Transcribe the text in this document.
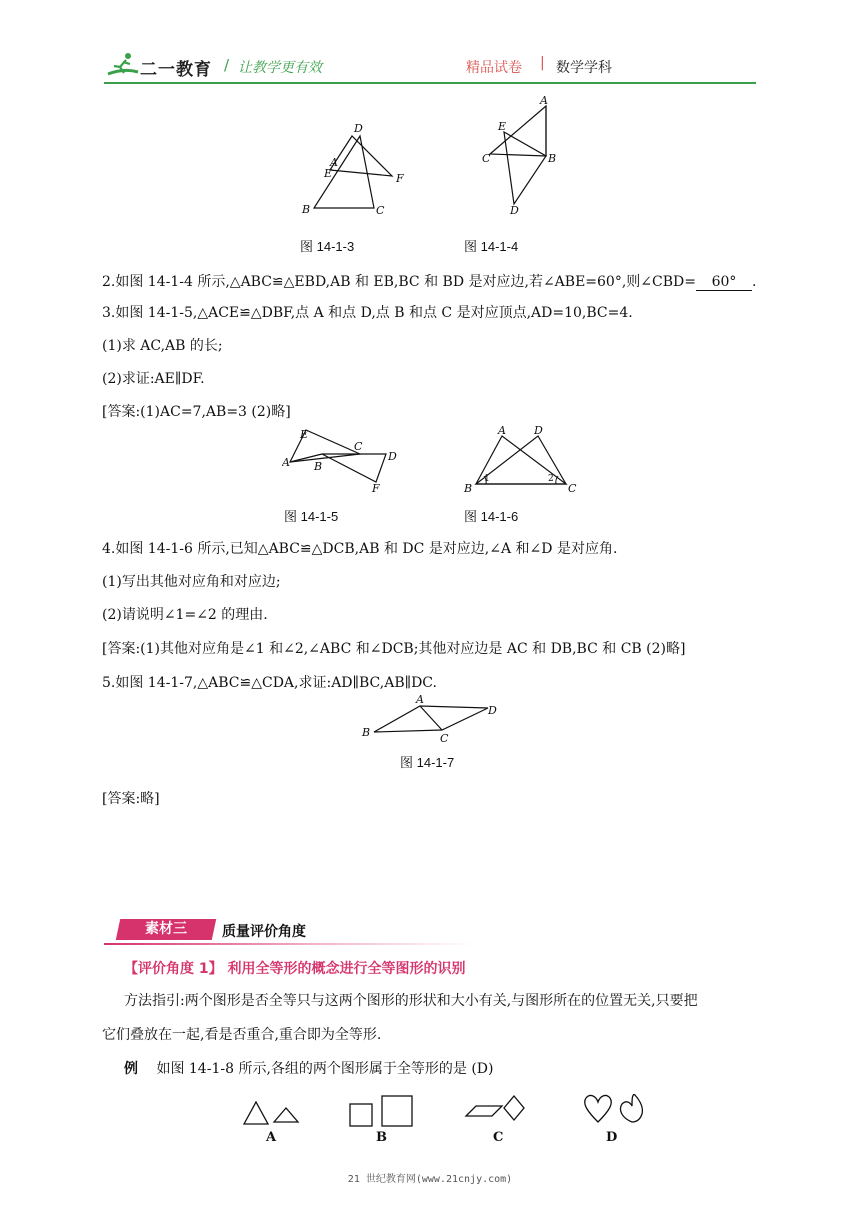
二一教育 / 让教学更有效	精品试卷 | 数学学科
D
A
E	F
B	C
图 14-1-3
A
E
C	B
D
图 14-1-4
2.如图 14-1-4 所示,△ABC≌△EBD,AB 和 EB,BC 和 BD 是对应边,若∠ABE=60°,则∠CBD= 60° .
3.如图 14-1-5,△ACE≌△DBF,点 A 和点 D,点 B 和点 C 是对应顶点,AD=10,BC=4.
(1)求 AC,AB 的长;
(2)求证:AE∥DF.
[答案:(1)AC=7,AB=3 (2)略]
E
A B
C
D
F
图 14-1-5
A	D
B	C
1	2
图 14-1-6
4.如图 14-1-6 所示,已知△ABC≌△DCB,AB 和 DC 是对应边,∠A 和∠D 是对应角.
(1)写出其他对应角和对应边;
(2)请说明∠1=∠2 的理由.
[答案:(1)其他对应角是∠1 和∠2,∠ABC 和∠DCB;其他对应边是 AC 和 DB,BC 和 CB (2)略]
5.如图 14-1-7,△ABC≌△CDA,求证:AD∥BC,AB∥DC.
A
B	C
D
图 14-1-7
[答案:略]
素材三	质量评价角度
【评价角度 1】 利用全等形的概念进行全等图形的识别
方法指引:两个图形是否全等只与这两个图形的形状和大小有关,与图形所在的位置无关,只要把
它们叠放在一起,看是否重合,重合即为全等形.
例 如图 14-1-8 所示,各组的两个图形属于全等形的是 (D)
A	B	C	D
21 世纪教育网(www.21cnjy.com)
